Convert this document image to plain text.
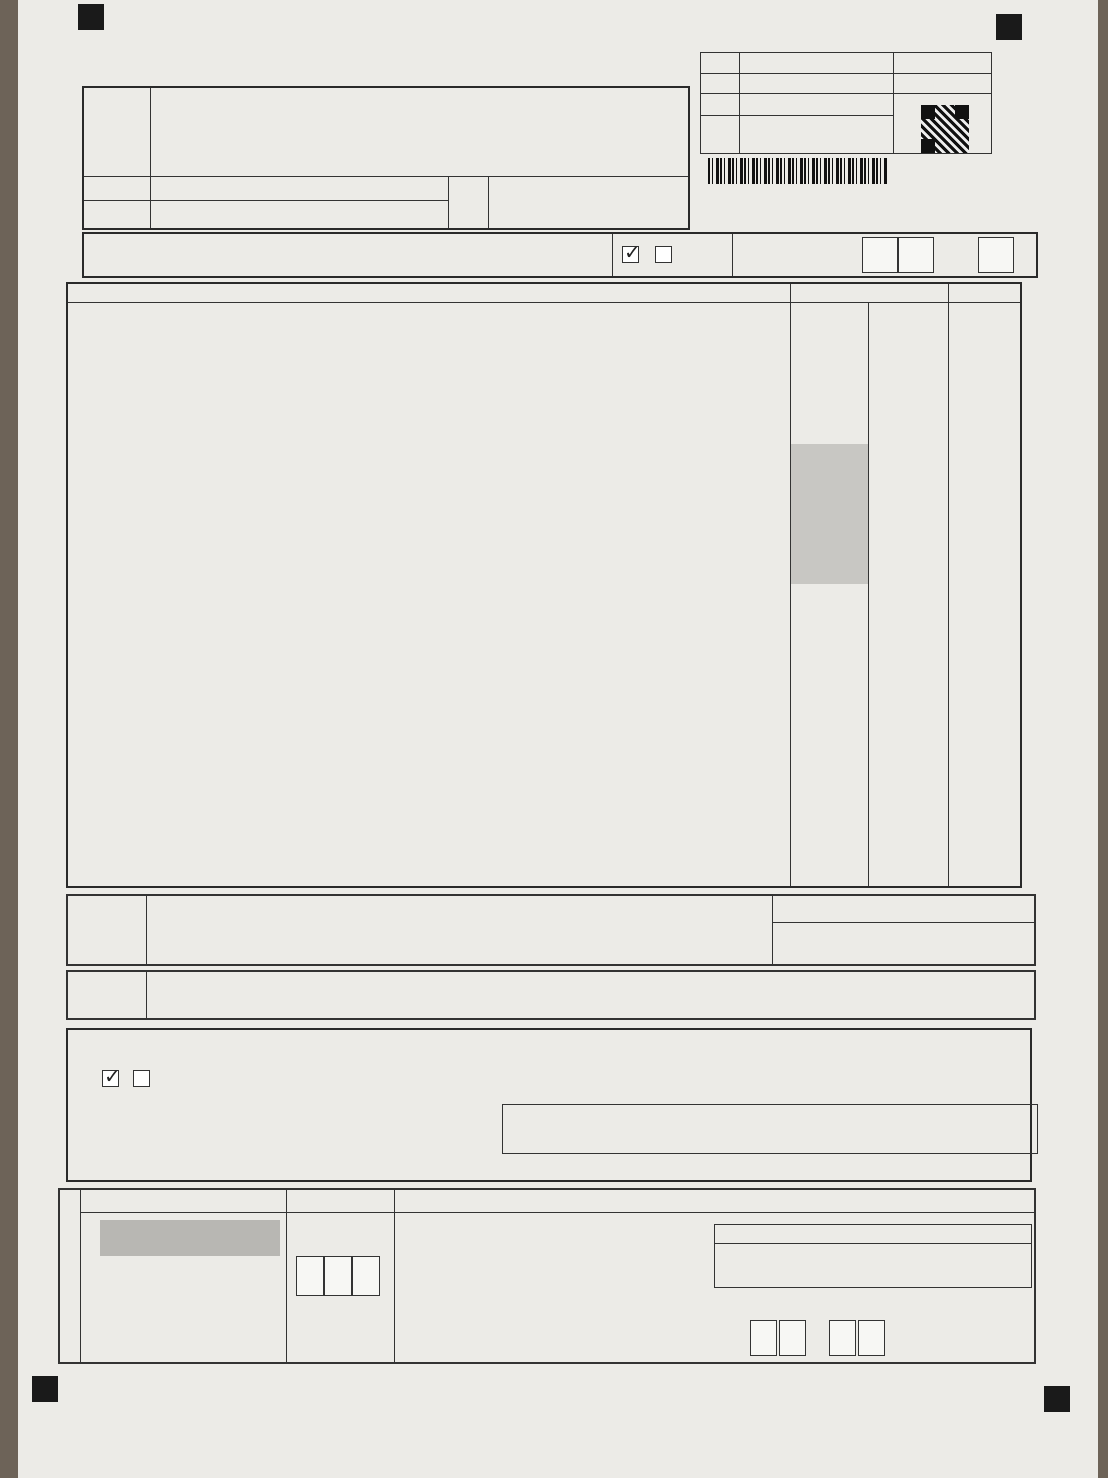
✓
✓
